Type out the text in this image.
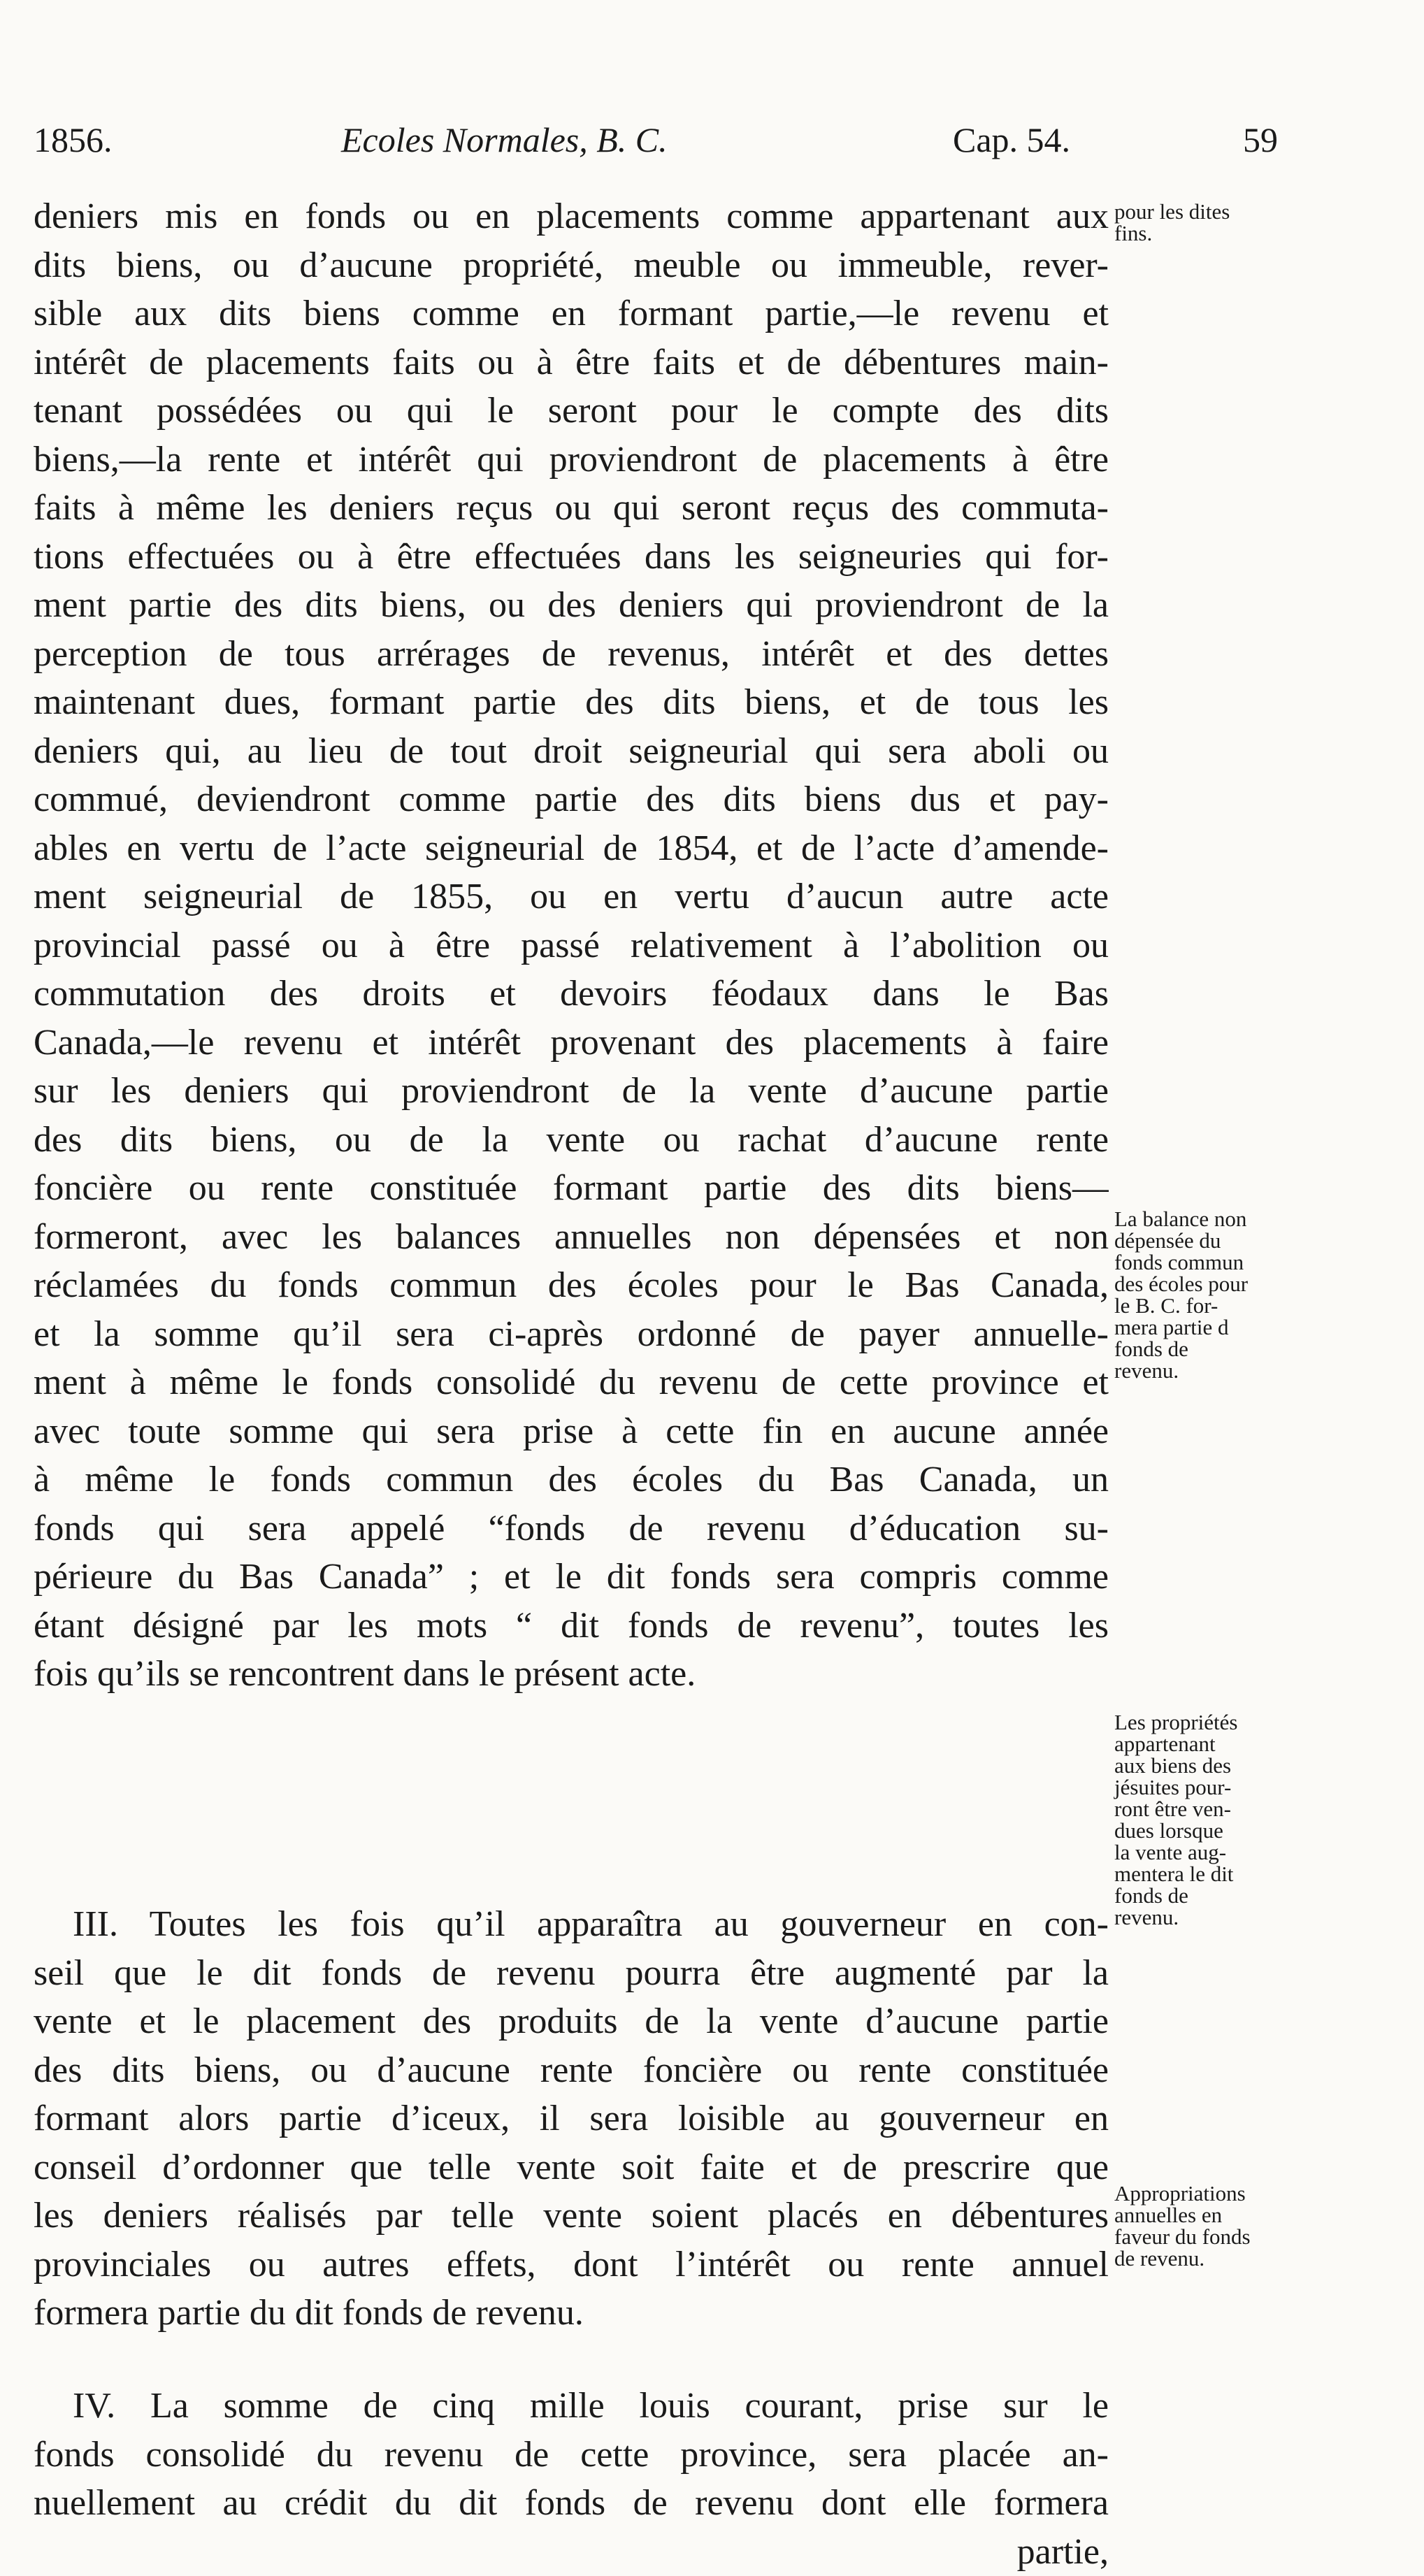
1856.	Ecoles Normales, B. C.	Cap. 54.	59
deniers mis en fonds ou en placements comme appartenant aux
dits biens, ou d’aucune propriété, meuble ou immeuble, rever-
sible aux dits biens comme en formant partie,—le revenu et
intérêt de placements faits ou à être faits et de débentures main-
tenant possédées ou qui le seront pour le compte des dits
biens,—la rente et intérêt qui proviendront de placements à être
faits à même les deniers reçus ou qui seront reçus des commuta-
tions effectuées ou à être effectuées dans les seigneuries qui for-
ment partie des dits biens, ou des deniers qui proviendront de la
perception de tous arrérages de revenus, intérêt et des dettes
maintenant dues, formant partie des dits biens, et de tous les
deniers qui, au lieu de tout droit seigneurial qui sera aboli ou
commué, deviendront comme partie des dits biens dus et pay-
ables en vertu de l’acte seigneurial de 1854, et de l’acte d’amende-
ment seigneurial de 1855, ou en vertu d’aucun autre acte
provincial passé ou à être passé relativement à l’abolition ou
commutation des droits et devoirs féodaux dans le Bas
Canada,—le revenu et intérêt provenant des placements à faire
sur les deniers qui proviendront de la vente d’aucune partie
des dits biens, ou de la vente ou rachat d’aucune rente
foncière ou rente constituée formant partie des dits biens—
formeront, avec les balances annuelles non dépensées et non
réclamées du fonds commun des écoles pour le Bas Canada,
et la somme qu’il sera ci-après ordonné de payer annuelle-
ment à même le fonds consolidé du revenu de cette province et
avec toute somme qui sera prise à cette fin en aucune année
à même le fonds commun des écoles du Bas Canada, un
fonds qui sera appelé “fonds de revenu d’éducation su-
périeure du Bas Canada” ; et le dit fonds sera compris comme
étant désigné par les mots “ dit fonds de revenu”, toutes les
fois qu’ils se rencontrent dans le présent acte.
III. Toutes les fois qu’il apparaîtra au gouverneur en con-
seil que le dit fonds de revenu pourra être augmenté par la
vente et le placement des produits de la vente d’aucune partie
des dits biens, ou d’aucune rente foncière ou rente constituée
formant alors partie d’iceux, il sera loisible au gouverneur en
conseil d’ordonner que telle vente soit faite et de prescrire que
les deniers réalisés par telle vente soient placés en débentures
provinciales ou autres effets, dont l’intérêt ou rente annuel
formera partie du dit fonds de revenu.
IV. La somme de cinq mille louis courant, prise sur le
fonds consolidé du revenu de cette province, sera placée an-
nuellement au crédit du dit fonds de revenu dont elle formera
partie,
pour les dites
fins.
La balance non
dépensée du
fonds commun
des écoles pour
le B. C. for-
mera partie d
fonds de
revenu.
Les propriétés
appartenant
aux biens des
jésuites pour-
ront être ven-
dues lorsque
la vente aug-
mentera le dit
fonds de
revenu.
Appropriations
annuelles en
faveur du fonds
de revenu.
